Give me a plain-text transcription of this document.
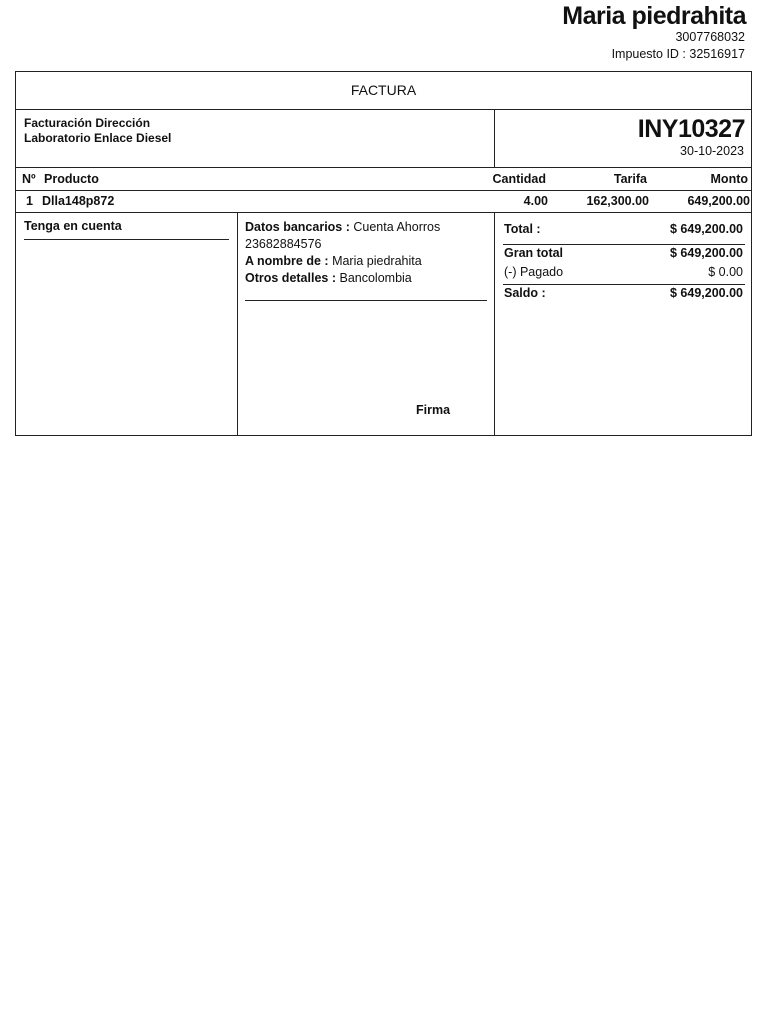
Maria piedrahita
3007768032
Impuesto ID : 32516917
FACTURA
Facturación Dirección
Laboratorio Enlace Diesel	INY10327
30-10-2023
Nº Producto	Cantidad	Tarifa	Monto
1 Dlla148p872	4.00	162,300.00	649,200.00
Tenga en cuenta	Datos bancarios : Cuenta Ahorros
23682884576
A nombre de : Maria piedrahita
Otros detalles : Bancolombia
Firma
Total :	$ 649,200.00
Gran total	$ 649,200.00
(-) Pagado	$ 0.00
Saldo :	$ 649,200.00
